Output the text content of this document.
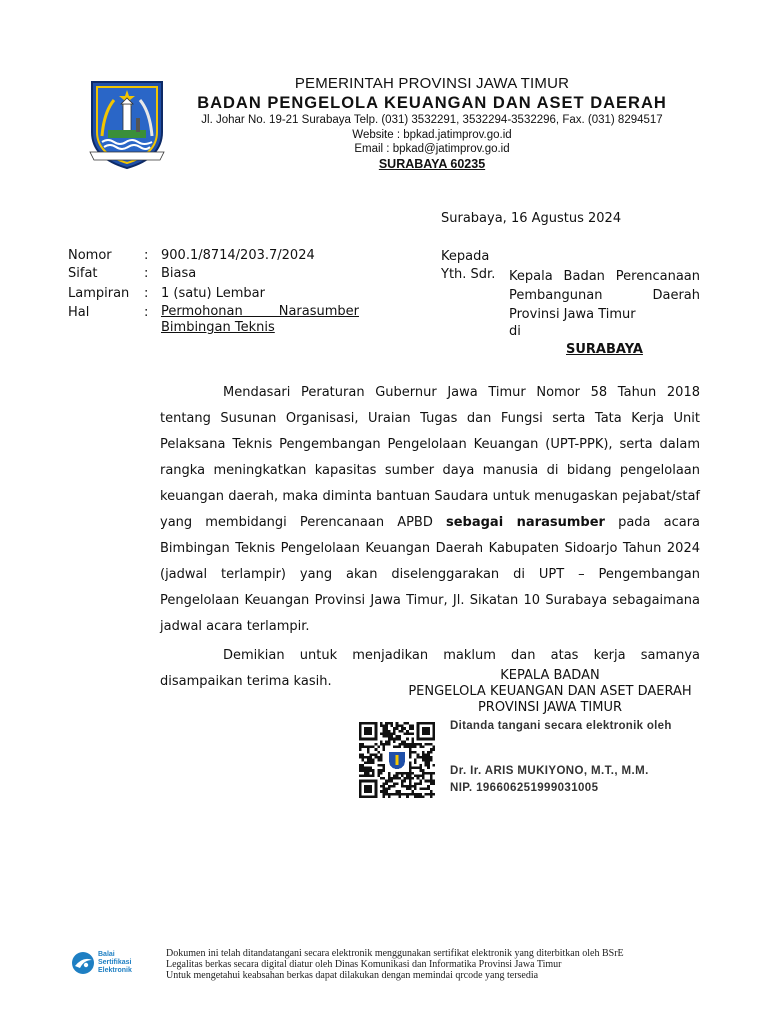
PEMERINTAH PROVINSI JAWA TIMUR
BADAN PENGELOLA KEUANGAN DAN ASET DAERAH
Jl. Johar No. 19-21 Surabaya Telp. (031) 3532291, 3532294-3532296, Fax. (031) 8294517
Website : bpkad.jatimprov.go.id
Email : bpkad@jatimprov.go.id
SURABAYA 60235
Surabaya, 16 Agustus 2024
Kepada
Yth. Sdr. Kepala Badan Perencanaan
Pembangunan Daerah
Provinsi Jawa Timur
di
SURABAYA
Nomor : 900.1/8714/203.7/2024
Sifat	: Biasa
Lampiran : 1 (satu) Lembar
Hal	: Permohonan Narasumber
Bimbingan Teknis

Mendasari Peraturan Gubernur Jawa Timur Nomor 58 Tahun 2018 tentang Susunan Organisasi, Uraian Tugas dan Fungsi serta Tata Kerja Unit Pelaksana Teknis Pengembangan Pengelolaan Keuangan (UPT-PPK), serta dalam rangka meningkatkan kapasitas sumber daya manusia di bidang pengelolaan keuangan daerah, maka diminta bantuan Saudara untuk menugaskan pejabat/staf yang membidangi Perencanaan APBD sebagai narasumber pada acara Bimbingan Teknis Pengelolaan Keuangan Daerah Kabupaten Sidoarjo Tahun 2024 (jadwal terlampir) yang akan diselenggarakan di UPT – Pengembangan Pengelolaan Keuangan Provinsi Jawa Timur, Jl. Sikatan 10 Surabaya sebagaimana jadwal acara terlampir.

Demikian untuk menjadikan maklum dan atas kerja samanya disampaikan terima kasih.	KEPALA BADAN
PENGELOLA KEUANGAN DAN ASET DAERAH
PROVINSI JAWA TIMUR
Ditanda tangani secara elektronik oleh
Dr. Ir. ARIS MUKIYONO, M.T., M.M.
NIP. 196606251999031005
Balai
Sertifikasi
Elektronik
Dokumen ini telah ditandatangani secara elektronik menggunakan sertifikat elektronik yang diterbitkan oleh BSrE
Legalitas berkas secara digital diatur oleh Dinas Komunikasi dan Informatika Provinsi Jawa Timur
Untuk mengetahui keabsahan berkas dapat dilakukan dengan memindai qrcode yang tersedia
